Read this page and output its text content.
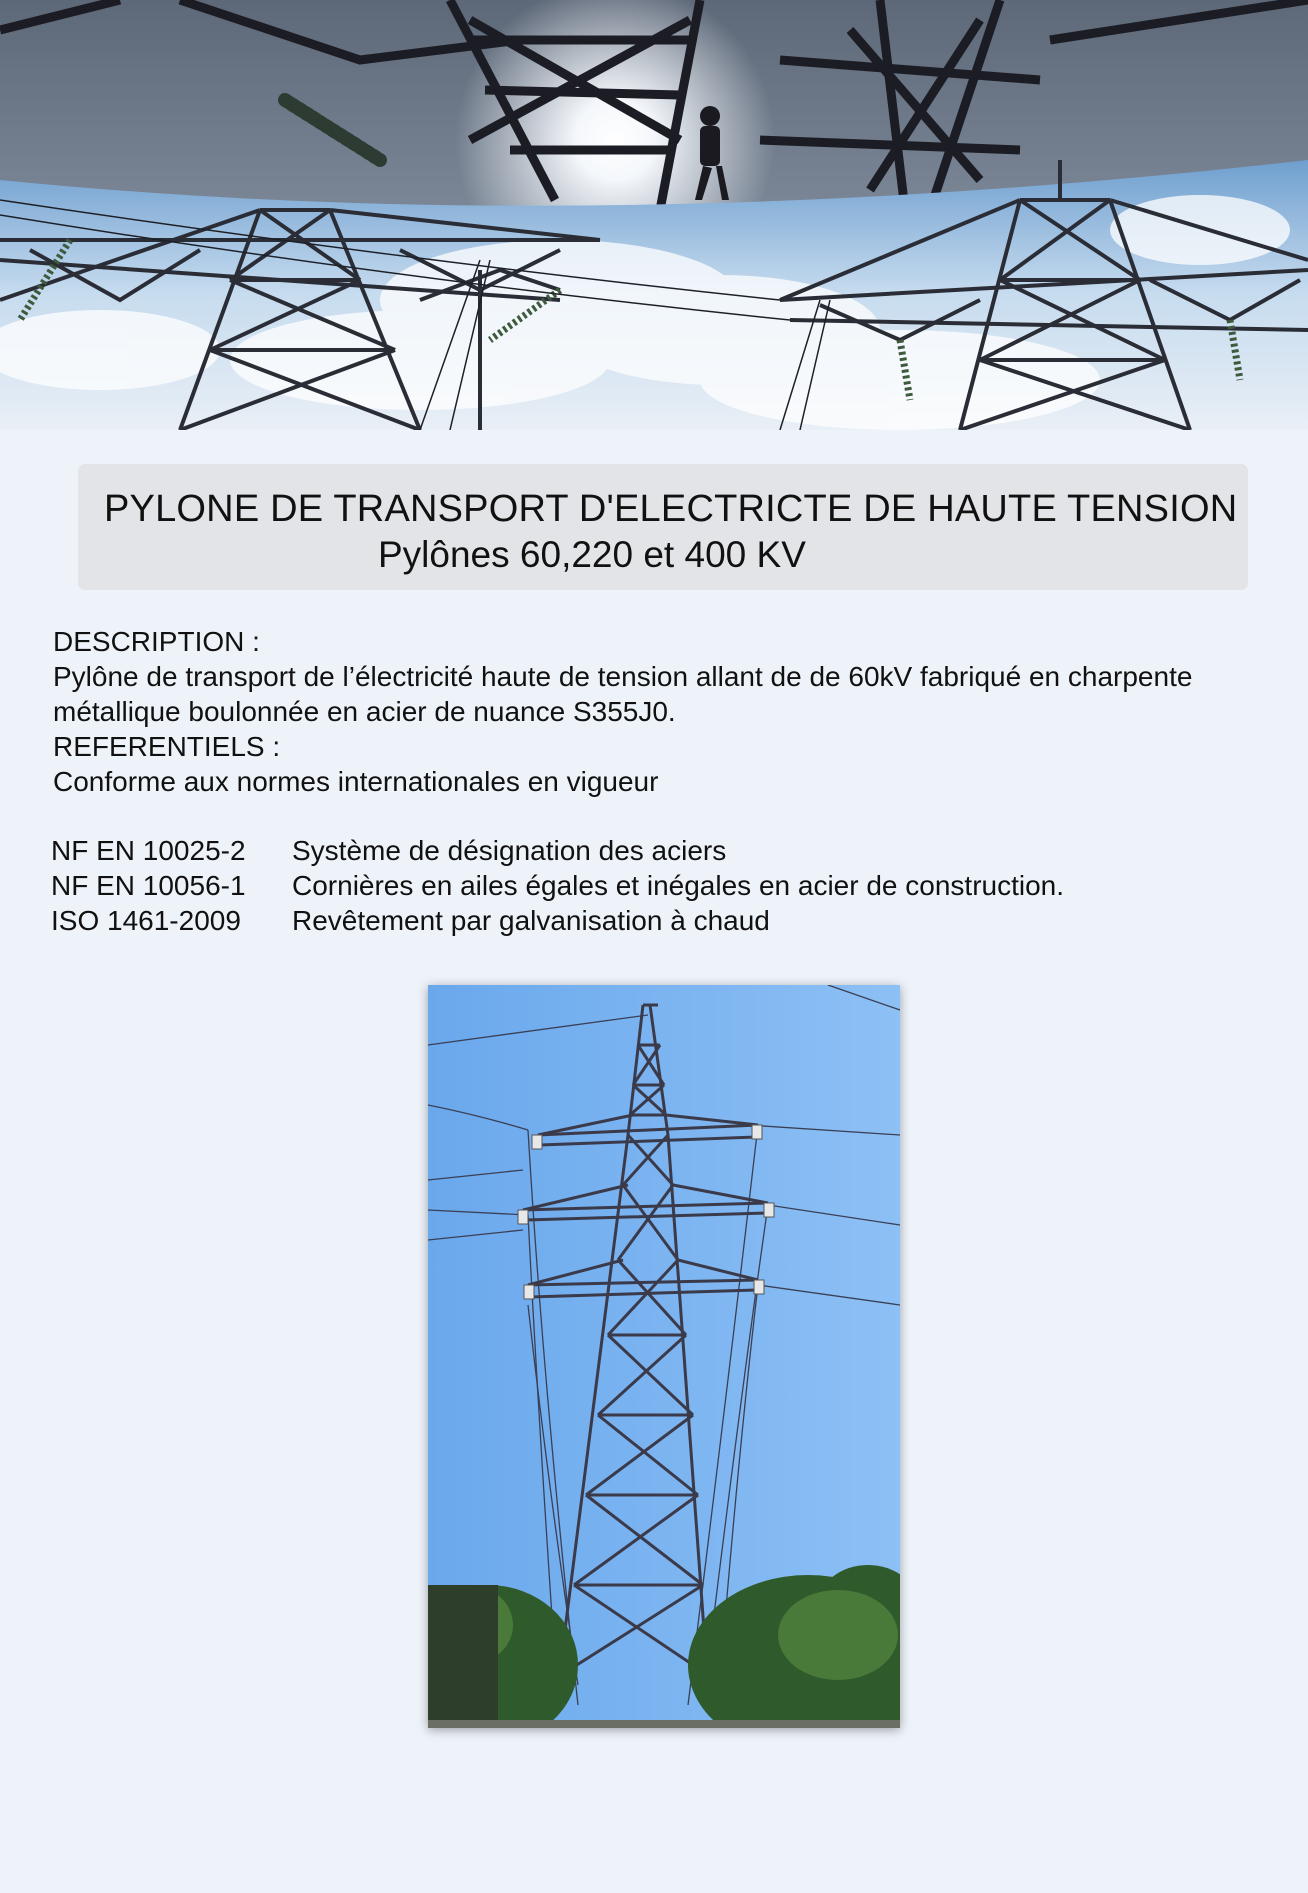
PYLONE DE TRANSPORT D'ELECTRICTE DE HAUTE TENSION
Pylônes 60,220 et 400 KV

DESCRIPTION :

Pylône de transport de l’électricité haute de tension allant de de 60kV fabriqué en charpente métallique boulonnée en acier de nuance S355J0.

REFERENTIELS :

Conforme aux normes internationales en vigueur

NF EN 10025-2	Système de désignation des aciers
NF EN 10056-1	Cornières en ailes égales et inégales en acier de construction.
ISO 1461-2009	Revêtement par galvanisation à chaud
